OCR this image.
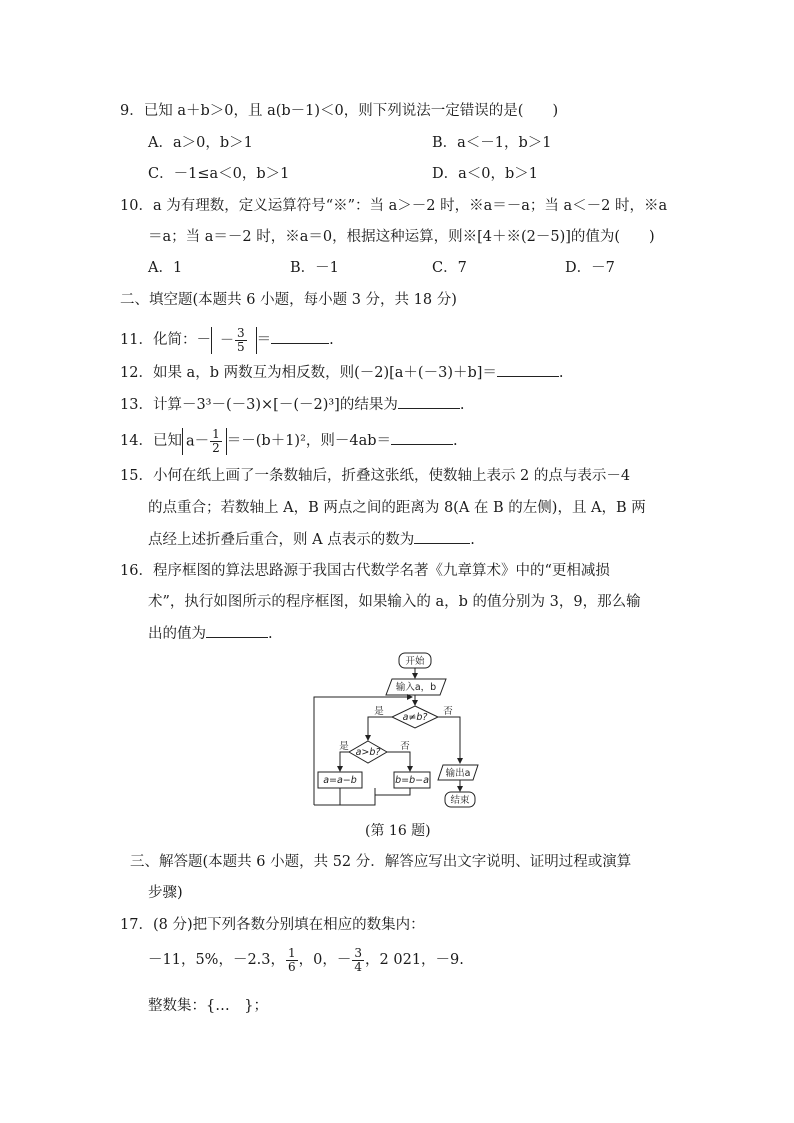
9．已知 a＋b＞0，且 a(b－1)＜0，则下列说法一定错误的是(　　)
A．a＞0，b＞1	B．a＜－1，b＞1
C．－1≤a＜0，b＞1	D．a＜0，b＞1
10．a 为有理数，定义运算符号“※”：当 a＞－2 时，※a＝－a；当 a＜－2 时，※a
＝a；当 a＝－2 时，※a＝0，根据这种运算，则※[4＋※(2－5)]的值为(　　)
A．1	B．－1	C．7	D．－7
二、填空题(本题共 6 小题，每小题 3 分，共 18 分)
11．化简：－ － $\frac{3}{5}$ ＝	.
12．如果 a，b 两数互为相反数，则(－2)[a＋(－3)＋b]＝	.
13．计算－3³－(－3)×[－(－2)³]的结果为	.
14．已知 $a- \frac{1}{2} =-(b+1)^2$，则－4ab＝	.
15．小何在纸上画了一条数轴后，折叠这张纸，使数轴上表示 2 的点与表示－4
的点重合；若数轴上 A，B 两点之间的距离为 8(A 在 B 的左侧)，且 A，B 两
点经上述折叠后重合，则 A 点表示的数为	.
16．程序框图的算法思路源于我国古代数学名著《九章算术》中的“更相减损
术”，执行如图所示的程序框图，如果输入的 a，b 的值分别为 3，9，那么输
出的值为	.
开始
输入a，b
a≠b?
是	否
a>b?
是	否
a=a−b	b=b−a
输出a
结束
(第 16 题)
三、解答题(本题共 6 小题，共 52 分．解答应写出文字说明、证明过程或演算
步骤)
17．(8 分)把下列各数分别填在相应的数集内：
－11，5%，－2.3， $\frac{1}{6}$ ，0，－ $\frac{3}{4}$ ，2 021，－9.
整数集：{…　}；
